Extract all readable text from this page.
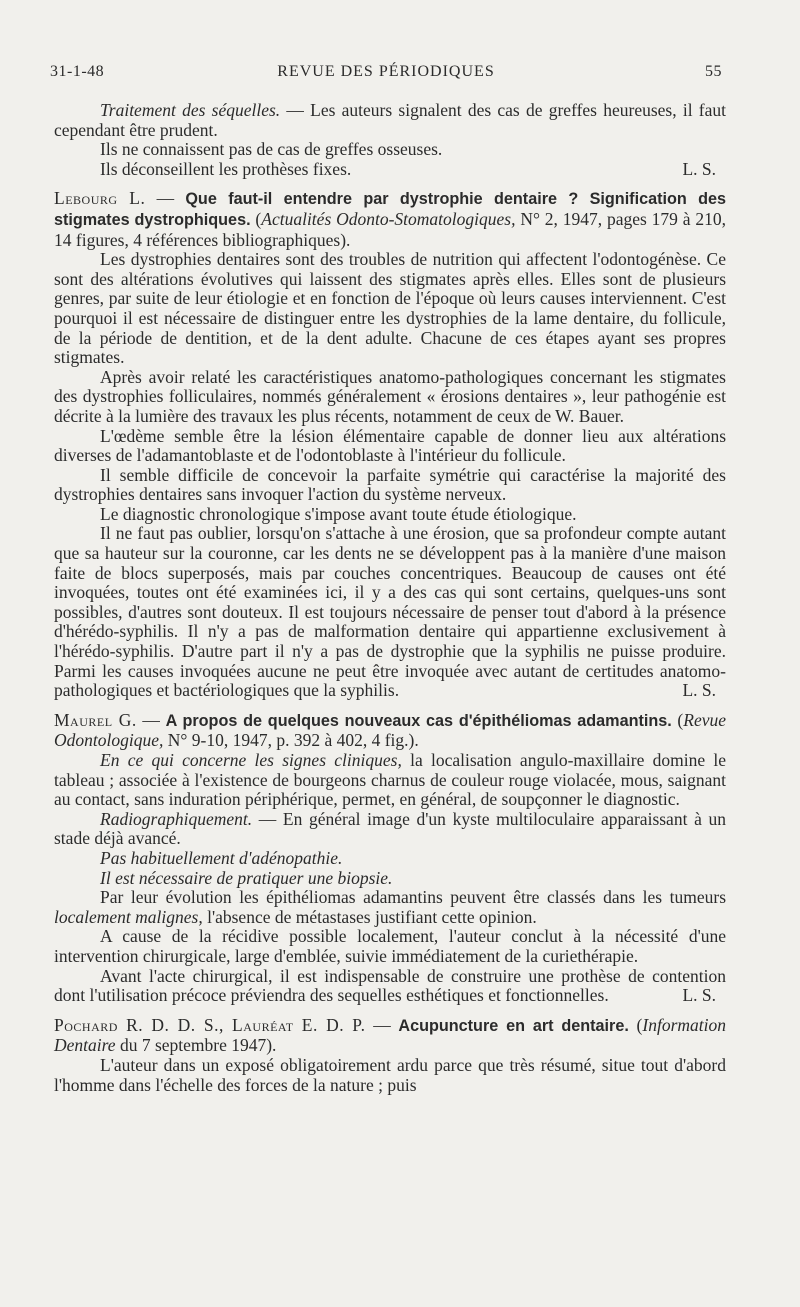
31-1-48	REVUE DES PÉRIODIQUES	55

Traitement des séquelles. — Les auteurs signalent des cas de greffes heureuses, il faut cependant être prudent.

Ils ne connaissent pas de cas de greffes osseuses.

Ils déconseillent les prothèses fixes.	L. S.

Lebourg L. — Que faut-il entendre par dystrophie dentaire ? Signification des stigmates dystrophiques. (Actualités Odonto-Stomatologiques, N° 2, 1947, pages 179 à 210, 14 figures, 4 références bibliographiques).

Les dystrophies dentaires sont des troubles de nutrition qui affectent l'odontogénèse. Ce sont des altérations évolutives qui laissent des stigmates après elles. Elles sont de plusieurs genres, par suite de leur étiologie et en fonction de l'époque où leurs causes interviennent. C'est pourquoi il est nécessaire de distinguer entre les dystrophies de la lame dentaire, du follicule, de la période de dentition, et de la dent adulte. Chacune de ces étapes ayant ses propres stigmates.

Après avoir relaté les caractéristiques anatomo-pathologiques concernant les stigmates des dystrophies folliculaires, nommés généralement « érosions dentaires », leur pathogénie est décrite à la lumière des travaux les plus récents, notamment de ceux de W. Bauer.

L'œdème semble être la lésion élémentaire capable de donner lieu aux altérations diverses de l'adamantoblaste et de l'odontoblaste à l'intérieur du follicule.

Il semble difficile de concevoir la parfaite symétrie qui caractérise la majorité des dystrophies dentaires sans invoquer l'action du système nerveux.

Le diagnostic chronologique s'impose avant toute étude étiologique.

Il ne faut pas oublier, lorsqu'on s'attache à une érosion, que sa profondeur compte autant que sa hauteur sur la couronne, car les dents ne se développent pas à la manière d'une maison faite de blocs superposés, mais par couches concentriques. Beaucoup de causes ont été invoquées, toutes ont été examinées ici, il y a des cas qui sont certains, quelques-uns sont possibles, d'autres sont douteux. Il est toujours nécessaire de penser tout d'abord à la présence d'hérédo-syphilis. Il n'y a pas de malformation dentaire qui appartienne exclusivement à l'hérédo-syphilis. D'autre part il n'y a pas de dystrophie que la syphilis ne puisse produire. Parmi les causes invoquées aucune ne peut être invoquée avec autant de certitudes anatomo-pathologiques et bactériologiques que la syphilis.	L. S.

Maurel G. — A propos de quelques nouveaux cas d'épithéliomas adamantins. (Revue Odontologique, N° 9-10, 1947, p. 392 à 402, 4 fig.).

En ce qui concerne les signes cliniques, la localisation angulo-maxillaire domine le tableau ; associée à l'existence de bourgeons charnus de couleur rouge violacée, mous, saignant au contact, sans induration périphérique, permet, en général, de soupçonner le diagnostic.

Radiographiquement. — En général image d'un kyste multiloculaire apparaissant à un stade déjà avancé.

Pas habituellement d'adénopathie.

Il est nécessaire de pratiquer une biopsie.

Par leur évolution les épithéliomas adamantins peuvent être classés dans les tumeurs localement malignes, l'absence de métastases justifiant cette opinion.

A cause de la récidive possible localement, l'auteur conclut à la nécessité d'une intervention chirurgicale, large d'emblée, suivie immédiatement de la curiethérapie.

Avant l'acte chirurgical, il est indispensable de construire une prothèse de contention dont l'utilisation précoce préviendra des sequelles esthétiques et fonctionnelles.	L. S.

Pochard R. D. D. S., Lauréat E. D. P. — Acupuncture en art dentaire. (Information Dentaire du 7 septembre 1947).

L'auteur dans un exposé obligatoirement ardu parce que très résumé, situe tout d'abord l'homme dans l'échelle des forces de la nature ; puis
